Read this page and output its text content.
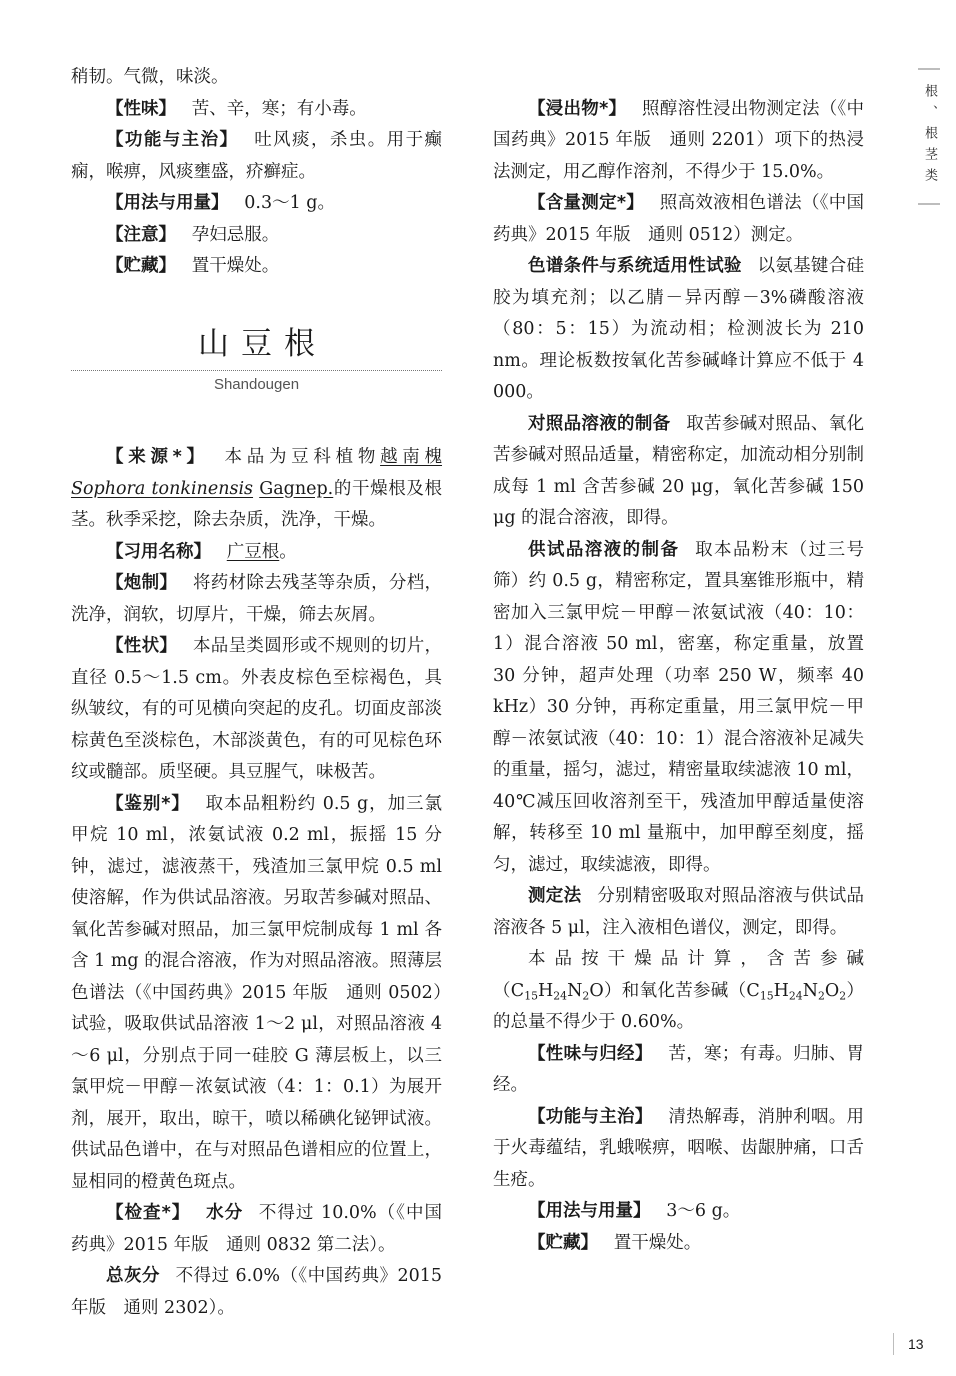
稍韧。气微，味淡。

【性味】 苦、辛，寒；有小毒。

【功能与主治】 吐风痰，杀虫。用于癫痫，喉痹，风痰壅盛，疥癣症。

【用法与用量】 0.3～1 g。

【注意】 孕妇忌服。

【贮藏】 置干燥处。

山豆根
Shandougen

【来源*】 本品为豆科植物越南槐 Sophora tonkinensis Gagnep.的干燥根及根茎。秋季采挖，除去杂质，洗净，干燥。

【习用名称】 广豆根。

【炮制】 将药材除去残茎等杂质，分档，洗净，润软，切厚片，干燥，筛去灰屑。

【性状】 本品呈类圆形或不规则的切片，直径 0.5～1.5 cm。外表皮棕色至棕褐色，具纵皱纹，有的可见横向突起的皮孔。切面皮部淡棕黄色至淡棕色，木部淡黄色，有的可见棕色环纹或髓部。质坚硬。具豆腥气，味极苦。

【鉴别*】 取本品粗粉约 0.5 g，加三氯甲烷 10 ml，浓氨试液 0.2 ml，振摇 15 分钟，滤过，滤液蒸干，残渣加三氯甲烷 0.5 ml 使溶解，作为供试品溶液。另取苦参碱对照品、氧化苦参碱对照品，加三氯甲烷制成每 1 ml 各含 1 mg 的混合溶液，作为对照品溶液。照薄层色谱法（《中国药典》2015 年版　通则 0502）试验，吸取供试品溶液 1～2 μl，对照品溶液 4～6 μl，分别点于同一硅胶 G 薄层板上，以三氯甲烷－甲醇－浓氨试液（4：1：0.1）为展开剂，展开，取出，晾干，喷以稀碘化铋钾试液。供试品色谱中，在与对照品色谱相应的位置上，显相同的橙黄色斑点。

【检查*】 水分 不得过 10.0%（《中国药典》2015 年版　通则 0832 第二法）。

总灰分 不得过 6.0%（《中国药典》2015 年版　通则 2302）。

【浸出物*】 照醇溶性浸出物测定法（《中国药典》2015 年版　通则 2201）项下的热浸法测定，用乙醇作溶剂，不得少于 15.0%。

【含量测定*】 照高效液相色谱法（《中国药典》2015 年版　通则 0512）测定。

色谱条件与系统适用性试验 以氨基键合硅胶为填充剂；以乙腈－异丙醇－3%磷酸溶液（80：5：15）为流动相；检测波长为 210 nm。理论板数按氧化苦参碱峰计算应不低于 4 000。

对照品溶液的制备 取苦参碱对照品、氧化苦参碱对照品适量，精密称定，加流动相分别制成每 1 ml 含苦参碱 20 μg，氧化苦参碱 150 μg 的混合溶液，即得。

供试品溶液的制备 取本品粉末（过三号筛）约 0.5 g，精密称定，置具塞锥形瓶中，精密加入三氯甲烷－甲醇－浓氨试液（40：10：1）混合溶液 50 ml，密塞，称定重量，放置 30 分钟，超声处理（功率 250 W，频率 40 kHz）30 分钟，再称定重量，用三氯甲烷－甲醇－浓氨试液（40：10：1）混合溶液补足减失的重量，摇匀，滤过，精密量取续滤液 10 ml，40℃减压回收溶剂至干，残渣加甲醇适量使溶解，转移至 10 ml 量瓶中，加甲醇至刻度，摇匀，滤过，取续滤液，即得。

测定法 分别精密吸取对照品溶液与供试品溶液各 5 μl，注入液相色谱仪，测定，即得。

本品按干燥品计算，含苦参碱$(C_{15}H_{24}N_2O)$和氧化苦参碱$(C_{15}H_{24}N_2O_2)$的总量不得少于 0.60%。

【性味与归经】 苦，寒；有毒。归肺、胃经。

【功能与主治】 清热解毒，消肿利咽。用于火毒蕴结，乳蛾喉痹，咽喉、齿龈肿痛，口舌生疮。

【用法与用量】 3～6 g。

【贮藏】 置干燥处。

根、根茎类
13
